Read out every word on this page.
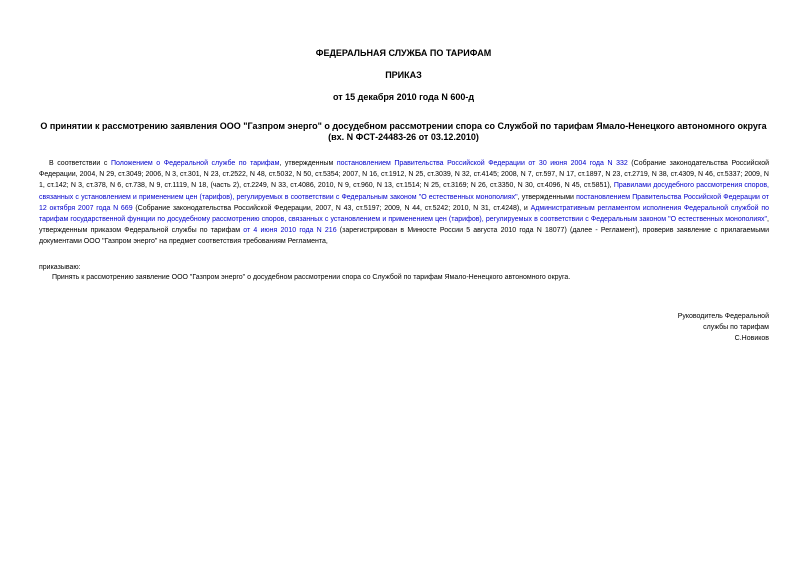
ФЕДЕРАЛЬНАЯ СЛУЖБА ПО ТАРИФАМ
ПРИКАЗ
от 15 декабря 2010 года N 600-д
О принятии к рассмотрению заявления ООО "Газпром энерго" о досудебном рассмотрении спора со Службой по тарифам Ямало-Ненецкого автономного округа
(вх. N ФСТ-24483-26 от 03.12.2010)
В соответствии с Положением о Федеральной службе по тарифам, утвержденным постановлением Правительства Российской Федерации от 30 июня 2004 года N 332 (Собрание законодательства Российской Федерации, 2004, N 29, ст.3049; 2006, N 3, ст.301, N 23, ст.2522, N 48, ст.5032, N 50, ст.5354; 2007, N 16, ст.1912, N 25, ст.3039, N 32, ст.4145; 2008, N 7, ст.597, N 17, ст.1897, N 23, ст.2719, N 38, ст.4309, N 46, ст.5337; 2009, N 1, ст.142; N 3, ст.378, N 6, ст.738, N 9, ст.1119, N 18, (часть 2), ст.2249, N 33, ст.4086, 2010, N 9, ст.960, N 13, ст.1514; N 25, ст.3169; N 26, ст.3350, N 30, ст.4096, N 45, ст.5851), Правилами досудебного рассмотрения споров, связанных с установлением и применением цен (тарифов), регулируемых в соответствии с Федеральным законом "О естественных монополиях", утвержденными постановлением Правительства Российской Федерации от 12 октября 2007 года N 669 (Собрание законодательства Российской Федерации, 2007, N 43, ст.5197; 2009, N 44, ст.5242; 2010, N 31, ст.4248), и Административным регламентом исполнения Федеральной службой по тарифам государственной функции по досудебному рассмотрению споров, связанных с установлением и применением цен (тарифов), регулируемых в соответствии с Федеральным законом "О естественных монополиях", утвержденным приказом Федеральной службы по тарифам от 4 июня 2010 года N 216 (зарегистрирован в Минюсте России 5 августа 2010 года N 18077) (далее - Регламент), проверив заявление с прилагаемыми документами ООО "Газпром энерго" на предмет соответствия требованиям Регламента,
приказываю:
Принять к рассмотрению заявление ООО "Газпром энерго" о досудебном рассмотрении спора со Службой по тарифам Ямало-Ненецкого автономного округа.
Руководитель Федеральной
службы по тарифам
С.Новиков
